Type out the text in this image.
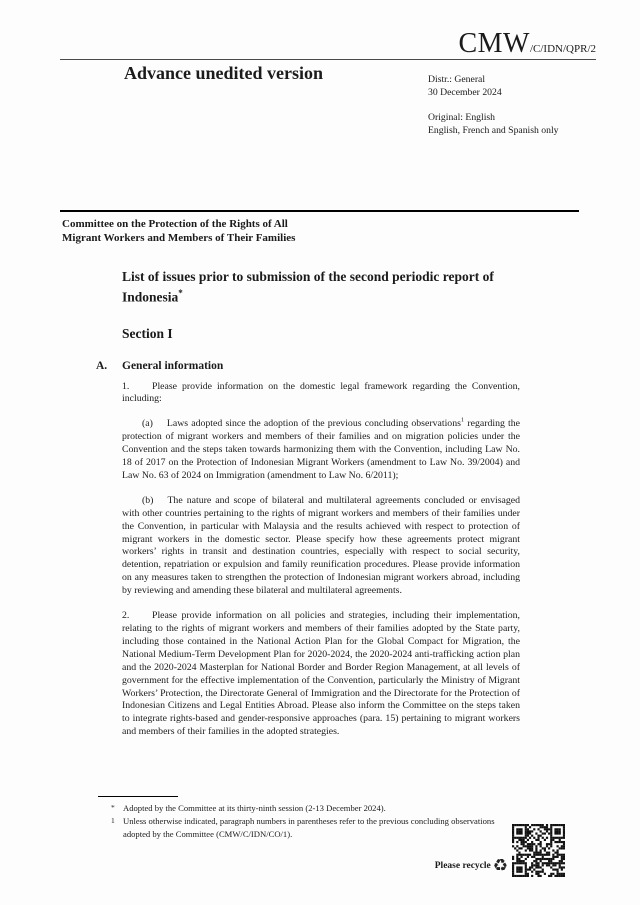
CMW/C/IDN/QPR/2
Advance unedited version	Distr.: General
30 December 2024
Original: English
English, French and Spanish only
Committee on the Protection of the Rights of All
Migrant Workers and Members of Their Families
List of issues prior to submission of the second periodic report of Indonesia*
Section I
A. General information

1. Please provide information on the domestic legal framework regarding the Convention, including:

(a) Laws adopted since the adoption of the previous concluding observations$^1$ regarding the protection of migrant workers and members of their families and on migration policies under the Convention and the steps taken towards harmonizing them with the Convention, including Law No. 18 of 2017 on the Protection of Indonesian Migrant Workers (amendment to Law No. 39/2004) and Law No. 63 of 2024 on Immigration (amendment to Law No. 6/2011);

(b) The nature and scope of bilateral and multilateral agreements concluded or envisaged with other countries pertaining to the rights of migrant workers and members of their families under the Convention, in particular with Malaysia and the results achieved with respect to protection of migrant workers in the domestic sector. Please specify how these agreements protect migrant workers’ rights in transit and destination countries, especially with respect to social security, detention, repatriation or expulsion and family reunification procedures. Please provide information on any measures taken to strengthen the protection of Indonesian migrant workers abroad, including by reviewing and amending these bilateral and multilateral agreements.

2. Please provide information on all policies and strategies, including their implementation, relating to the rights of migrant workers and members of their families adopted by the State party, including those contained in the National Action Plan for the Global Compact for Migration, the National Medium-Term Development Plan for 2020-2024, the 2020-2024 anti-trafficking action plan and the 2020-2024 Masterplan for National Border and Border Region Management, at all levels of government for the effective implementation of the Convention, particularly the Ministry of Migrant Workers’ Protection, the Directorate General of Immigration and the Directorate for the Protection of Indonesian Citizens and Legal Entities Abroad. Please also inform the Committee on the steps taken to integrate rights-based and gender-responsive approaches (para. 15) pertaining to migrant workers and members of their families in the adopted strategies.

* Adopted by the Committee at its thirty-ninth session (2-13 December 2024).
1 Unless otherwise indicated, paragraph numbers in parentheses refer to the previous concluding observations adopted by the Committee (CMW/C/IDN/CO/1).
Please recycle ♻
